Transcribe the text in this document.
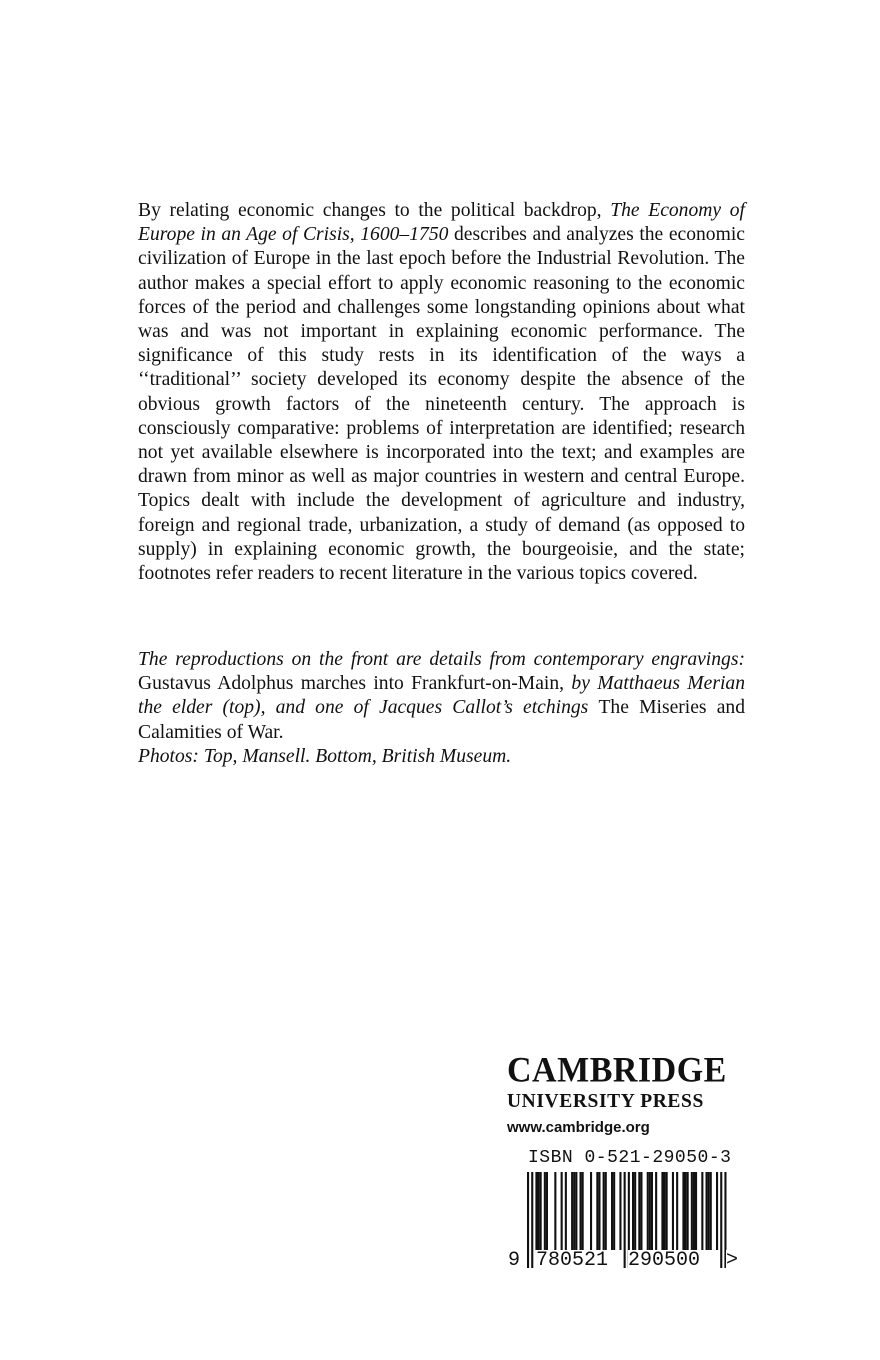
By relating economic changes to the political backdrop, The Economy of Europe in an Age of Crisis, 1600–1750 describes and analyzes the economic civilization of Europe in the last epoch before the Industrial Revolution. The author makes a special effort to apply economic reasoning to the economic forces of the period and challenges some longstanding opinions about what was and was not important in explaining economic performance. The significance of this study rests in its identification of the ways a ‘‘traditional’’ society developed its economy despite the absence of the obvious growth factors of the nineteenth century. The approach is consciously comparative: problems of interpretation are identified; research not yet available elsewhere is incorporated into the text; and examples are drawn from minor as well as major countries in western and central Europe. Topics dealt with include the development of agriculture and industry, foreign and regional trade, urbanization, a study of demand (as opposed to supply) in explaining economic growth, the bourgeoisie, and the state; footnotes refer readers to recent literature in the various topics covered.

The reproductions on the front are details from contemporary engravings: Gustavus Adolphus marches into Frankfurt-on-Main, by Matthaeus Merian the elder (top), and one of Jacques Callot’s etchings The Miseries and Calamities of War.
Photos: Top, Mansell. Bottom, British Museum.

CAMBRIDGE
UNIVERSITY PRESS
www.cambridge.org
ISBN 0-521-29050-3
9 780521 290500 >
